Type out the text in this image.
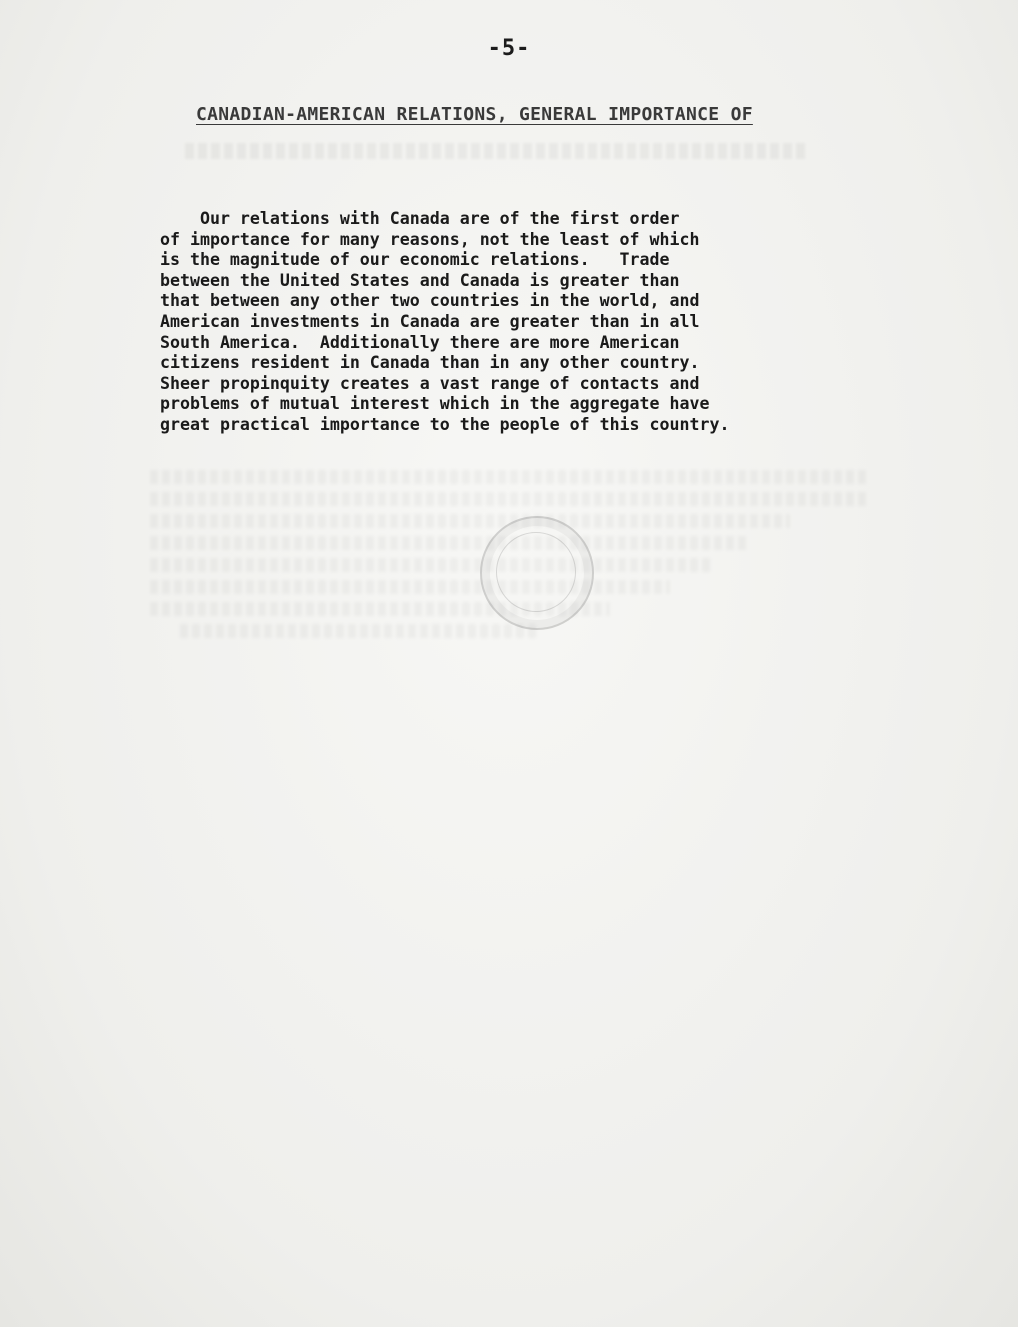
-5-
CANADIAN-AMERICAN RELATIONS, GENERAL IMPORTANCE OF
Our relations with Canada are of the first order
of importance for many reasons, not the least of which
is the magnitude of our economic relations.   Trade
between the United States and Canada is greater than
that between any other two countries in the world, and
American investments in Canada are greater than in all
South America.  Additionally there are more American
citizens resident in Canada than in any other country.
Sheer propinquity creates a vast range of contacts and
problems of mutual interest which in the aggregate have
great practical importance to the people of this country.
